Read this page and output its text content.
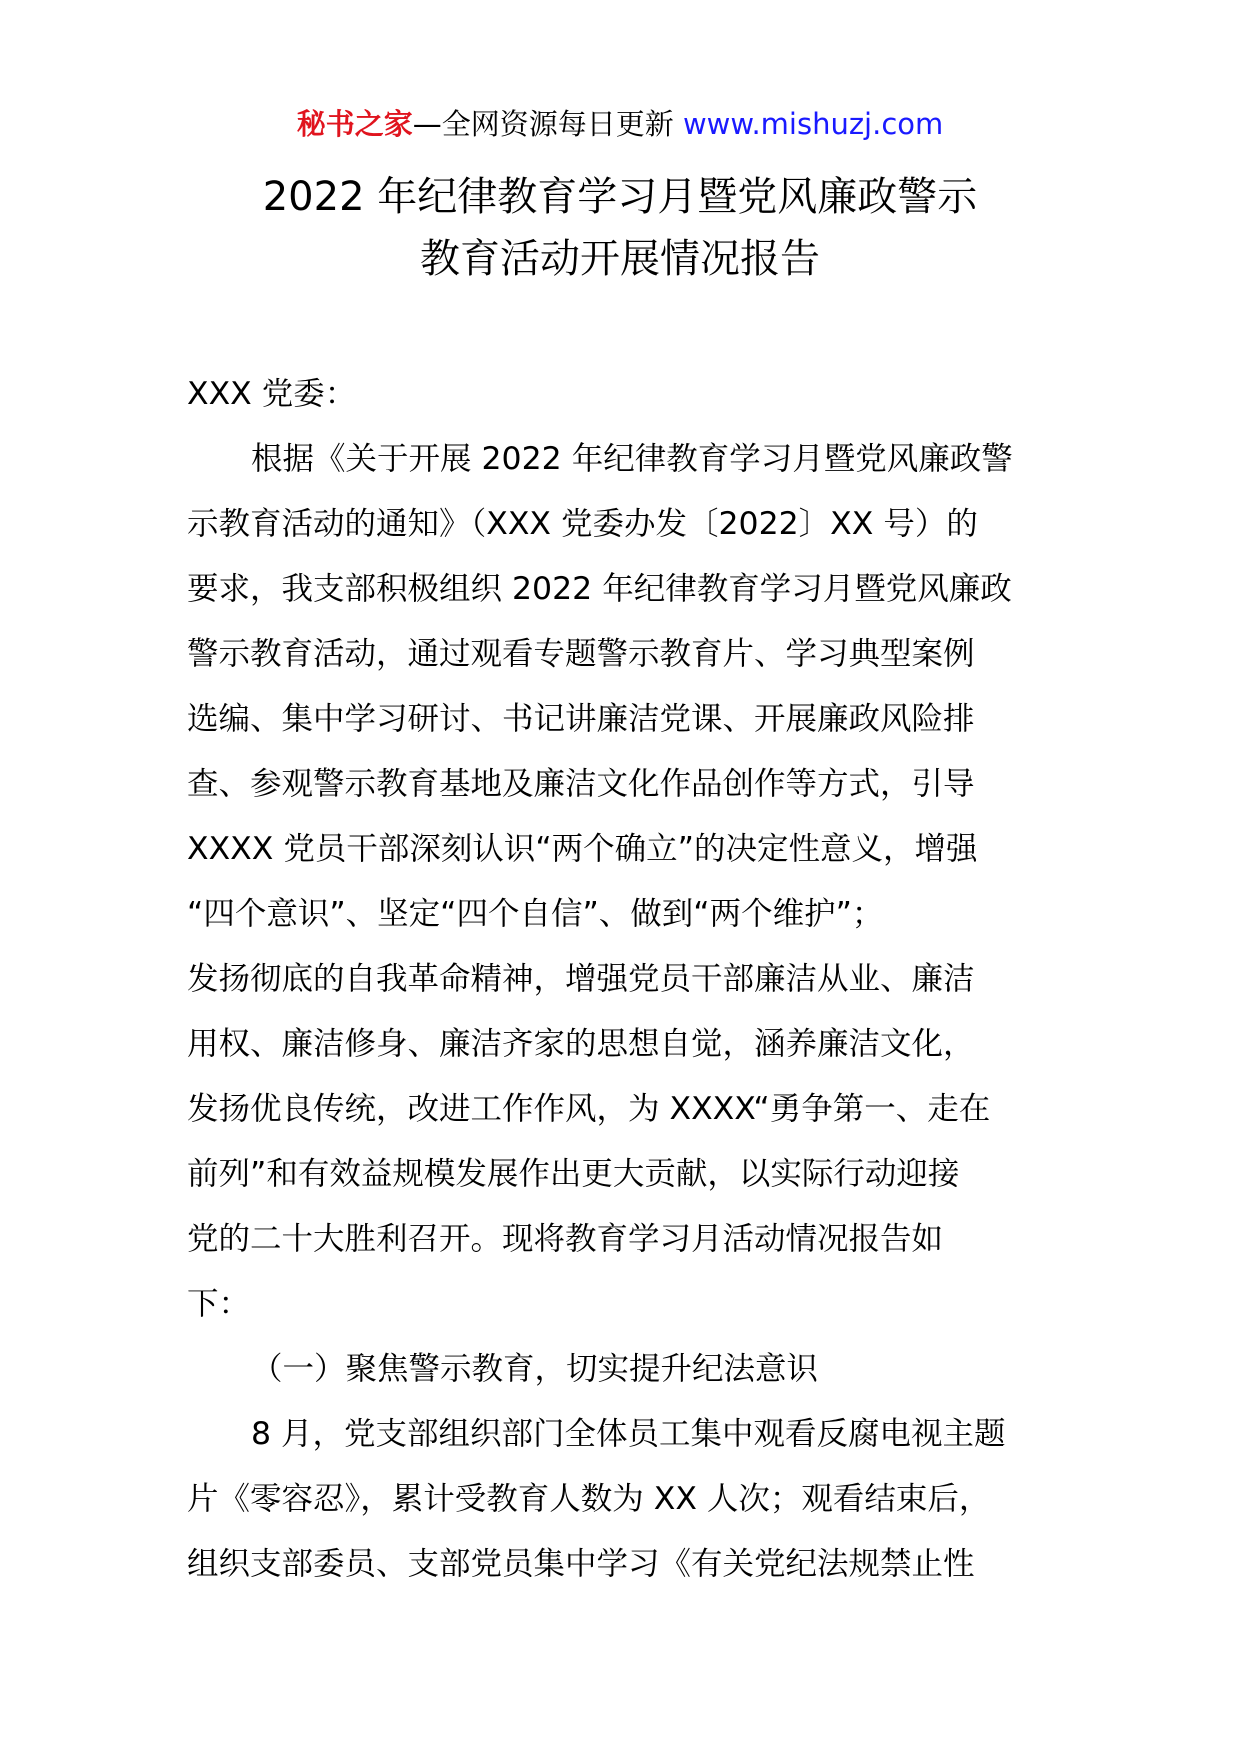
秘书之家—全网资源每日更新 www.mishuzj.com
2022 年纪律教育学习月暨党风廉政警示
教育活动开展情况报告
XXX 党委：
根据《关于开展 2022 年纪律教育学习月暨党风廉政警
示教育活动的通知》（XXX 党委办发〔2022〕XX 号）的
要求，我支部积极组织 2022 年纪律教育学习月暨党风廉政
警示教育活动，通过观看专题警示教育片、学习典型案例
选编、集中学习研讨、书记讲廉洁党课、开展廉政风险排
查、参观警示教育基地及廉洁文化作品创作等方式，引导
XXXX 党员干部深刻认识“两个确立”的决定性意义，增强
“四个意识”、坚定“四个自信”、做到“两个维护”；
发扬彻底的自我革命精神，增强党员干部廉洁从业、廉洁
用权、廉洁修身、廉洁齐家的思想自觉，涵养廉洁文化，
发扬优良传统，改进工作作风，为 XXXX“勇争第一、走在
前列”和有效益规模发展作出更大贡献，以实际行动迎接
党的二十大胜利召开。现将教育学习月活动情况报告如
下：
（一）聚焦警示教育，切实提升纪法意识
8 月，党支部组织部门全体员工集中观看反腐电视主题
片《零容忍》，累计受教育人数为 XX 人次；观看结束后，
组织支部委员、支部党员集中学习《有关党纪法规禁止性
